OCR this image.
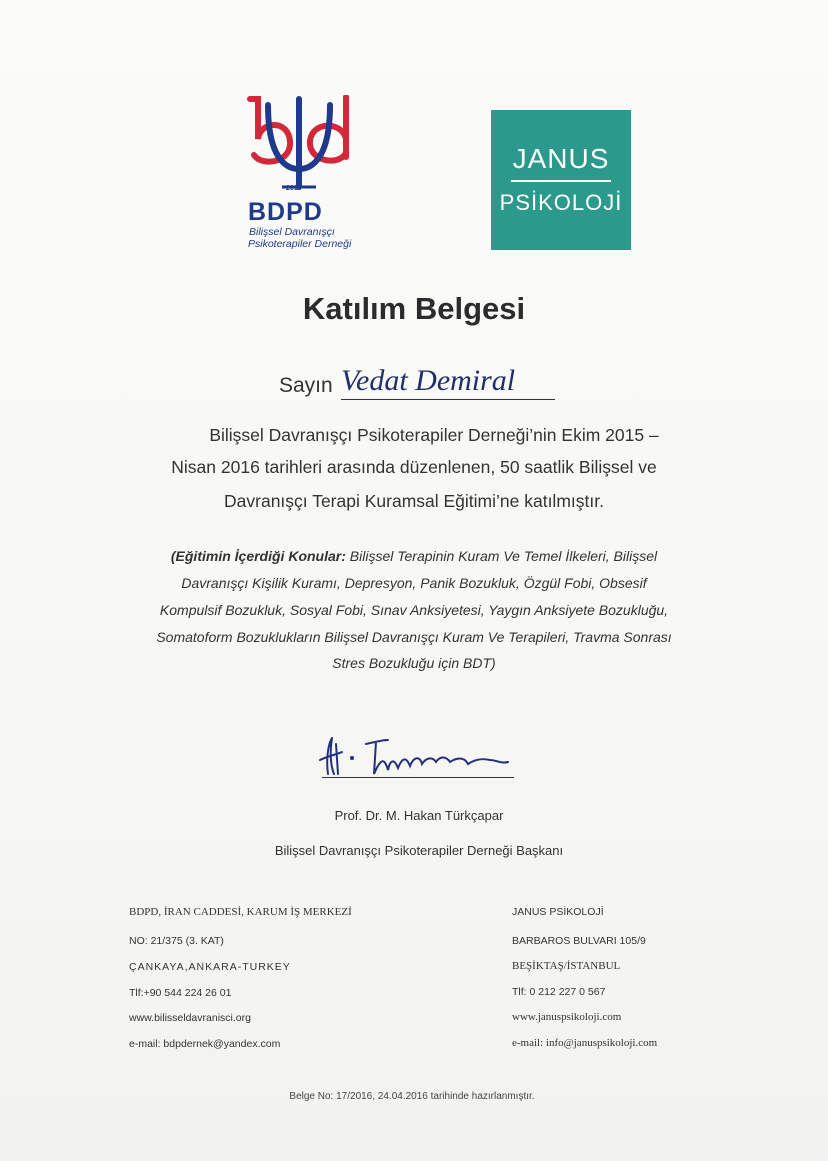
2010
BDPD
Bilişsel Davranışçı
Psikoterapiler Derneği
JANUS
PSİKOLOJİ
Katılım Belgesi
Sayın Vedat Demiral
Bilişsel Davranışçı Psikoterapiler Derneği’nin Ekim 2015 –
Nisan 2016 tarihleri arasında düzenlenen, 50 saatlik Bilişsel ve
Davranışçı Terapi Kuramsal Eğitimi’ne katılmıştır.
(Eğitimin İçerdiği Konular: Bilişsel Terapinin Kuram Ve Temel İlkeleri, Bilişsel
Davranışçı Kişilik Kuramı, Depresyon, Panik Bozukluk, Özgül Fobi, Obsesif
Kompulsif Bozukluk, Sosyal Fobi, Sınav Anksiyetesi, Yaygın Anksiyete Bozukluğu,
Somatoform Bozuklukların Bilişsel Davranışçı Kuram Ve Terapileri, Travma Sonrası
Stres Bozukluğu için BDT)
Prof. Dr. M. Hakan Türkçapar
Bilişsel Davranışçı Psikoterapiler Derneği Başkanı
BDPD, İRAN CADDESİ, KARUM İŞ MERKEZİ
NO: 21/375 (3. KAT)
ÇANKAYA,ANKARA-TURKEY
Tlf:+90 544 224 26 01
www.bilisseldavranisci.org
e-mail: bdpdernek@yandex.com
JANUS PSİKOLOJİ
BARBAROS BULVARI 105/9
BEŞİKTAŞ/İSTANBUL
Tlf: 0 212 227 0 567
www.januspsikoloji.com
e-mail: info@januspsikoloji.com
Belge No: 17/2016, 24.04.2016 tarihinde hazırlanmıştır.
